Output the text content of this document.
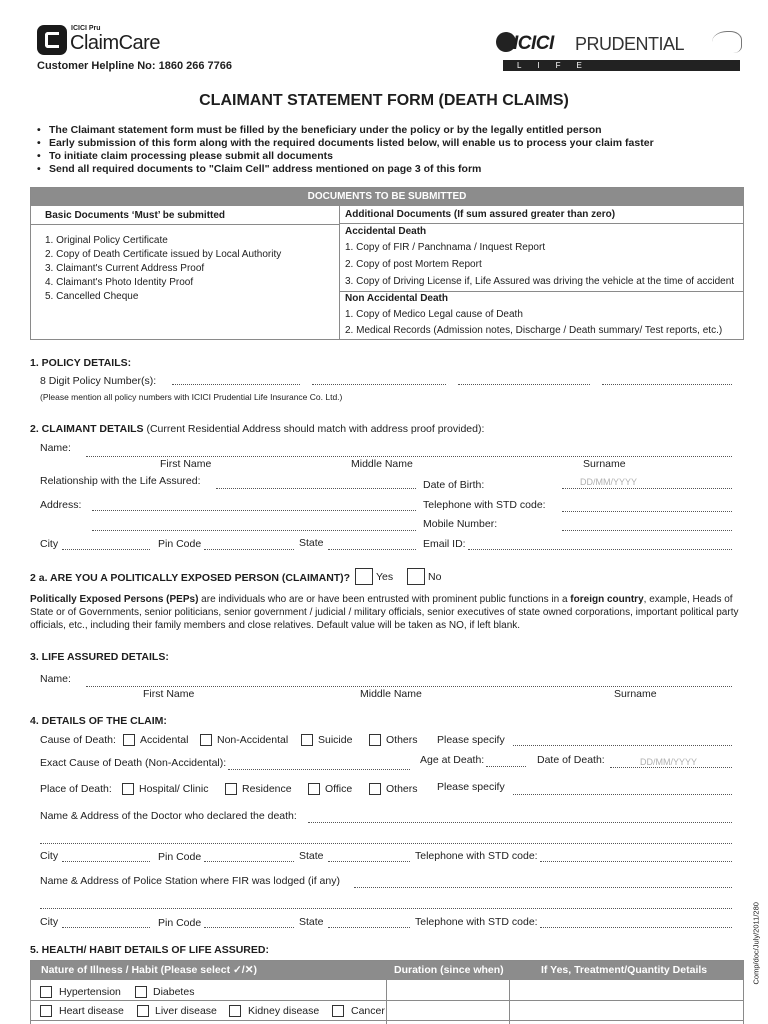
ICICI Pru
ClaimCare
Customer Helpline No: 1860 266 7766
ICICI PRUDENTIAL
LIFE INSURANCE
CLAIMANT STATEMENT FORM (DEATH CLAIMS)
• The Claimant statement form must be filled by the beneficiary under the policy or by the legally entitled person
• Early submission of this form along with the required documents listed below, will enable us to process your claim faster
• To initiate claim processing please submit all documents
• Send all required documents to "Claim Cell" address mentioned on page 3 of this form
DOCUMENTS TO BE SUBMITTED
Basic Documents ‘Must’ be submitted
1. Original Policy Certificate
2. Copy of Death Certificate issued by Local Authority
3. Claimant's Current Address Proof
4. Claimant's Photo Identity Proof
5. Cancelled Cheque
Additional Documents (If sum assured greater than zero)
Accidental Death
1. Copy of FIR / Panchnama / Inquest Report
2. Copy of post Mortem Report
3. Copy of Driving License if, Life Assured was driving the vehicle at the time of accident
Non Accidental Death
1. Copy of Medico Legal cause of Death
2. Medical Records (Admission notes, Discharge / Death summary/ Test reports, etc.)
1. POLICY DETAILS:
8 Digit Policy Number(s):
(Please mention all policy numbers with ICICI Prudential Life Insurance Co. Ltd.)
2. CLAIMANT DETAILS (Current Residential Address should match with address proof provided):
Name:
First Name	Middle Name	Surname
Relationship with the Life Assured:	Date of Birth:	DD/MM/YYYY
Address:	Telephone with STD code:
Mobile Number:
City	Pin Code	State	Email ID:
2 a. ARE YOU A POLITICALLY EXPOSED PERSON (CLAIMANT)? Yes	No
Politically Exposed Persons (PEPs) are individuals who are or have been entrusted with prominent public functions in a foreign country, example, Heads of State or of Governments, senior politicians, senior government / judicial / military officials, senior executives of state owned corporations, important political party officials, etc., including their family members and close relatives. Default value will be taken as NO, if left blank.
3. LIFE ASSURED DETAILS:
Name:
First Name	Middle Name	Surname
4. DETAILS OF THE CLAIM:
Cause of Death: Accidental	Non-Accidental	Suicide	Others Please specify
Exact Cause of Death (Non-Accidental):	Age at Death:	Date of Death:	DD/MM/YYYY
Place of Death:	Hospital/ Clinic	Residence	Office	Others Please specify
Name & Address of the Doctor who declared the death:
City	Pin Code	State	Telephone with STD code:
Name & Address of Police Station where FIR was lodged (if any)
City	Pin Code	State	Telephone with STD code:
5. HEALTH/ HABIT DETAILS OF LIFE ASSURED:
Nature of Illness / Habit (Please select ✓/✕)	Duration (since when)	If Yes, Treatment/Quantity Details
Hypertension	Diabetes
Heart disease	Liver disease	Kidney disease	Cancer
Comp/doc/July/2011/280
